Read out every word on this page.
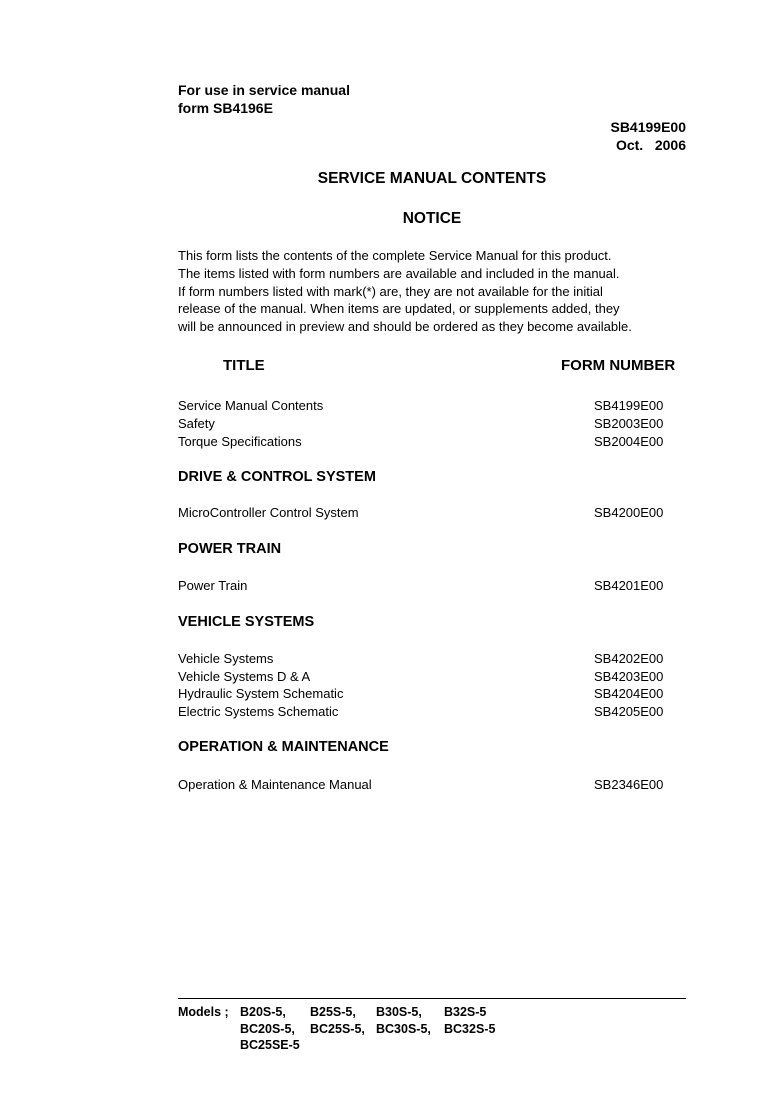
For use in service manual
form SB4196E
SB4199E00
Oct. 2006
SERVICE MANUAL CONTENTS
NOTICE
This form lists the contents of the complete Service Manual for this product.
The items listed with form numbers are available and included in the manual.
If form numbers listed with mark(*) are, they are not available for the initial
release of the manual. When items are updated, or supplements added, they
will be announced in preview and should be ordered as they become available.
TITLE	FORM NUMBER
Service Manual Contents	SB4199E00
Safety	SB2003E00
Torque Specifications	SB2004E00
DRIVE & CONTROL SYSTEM
MicroController Control System	SB4200E00
POWER TRAIN
Power Train	SB4201E00
VEHICLE SYSTEMS
Vehicle Systems	SB4202E00
Vehicle Systems D & A	SB4203E00
Hydraulic System Schematic	SB4204E00
Electric Systems Schematic	SB4205E00
OPERATION & MAINTENANCE
Operation & Maintenance Manual	SB2346E00
Models ; B20S-5, B25S-5, B30S-5, B32S-5
BC20S-5, BC25S-5, BC30S-5, BC32S-5
BC25SE-5
